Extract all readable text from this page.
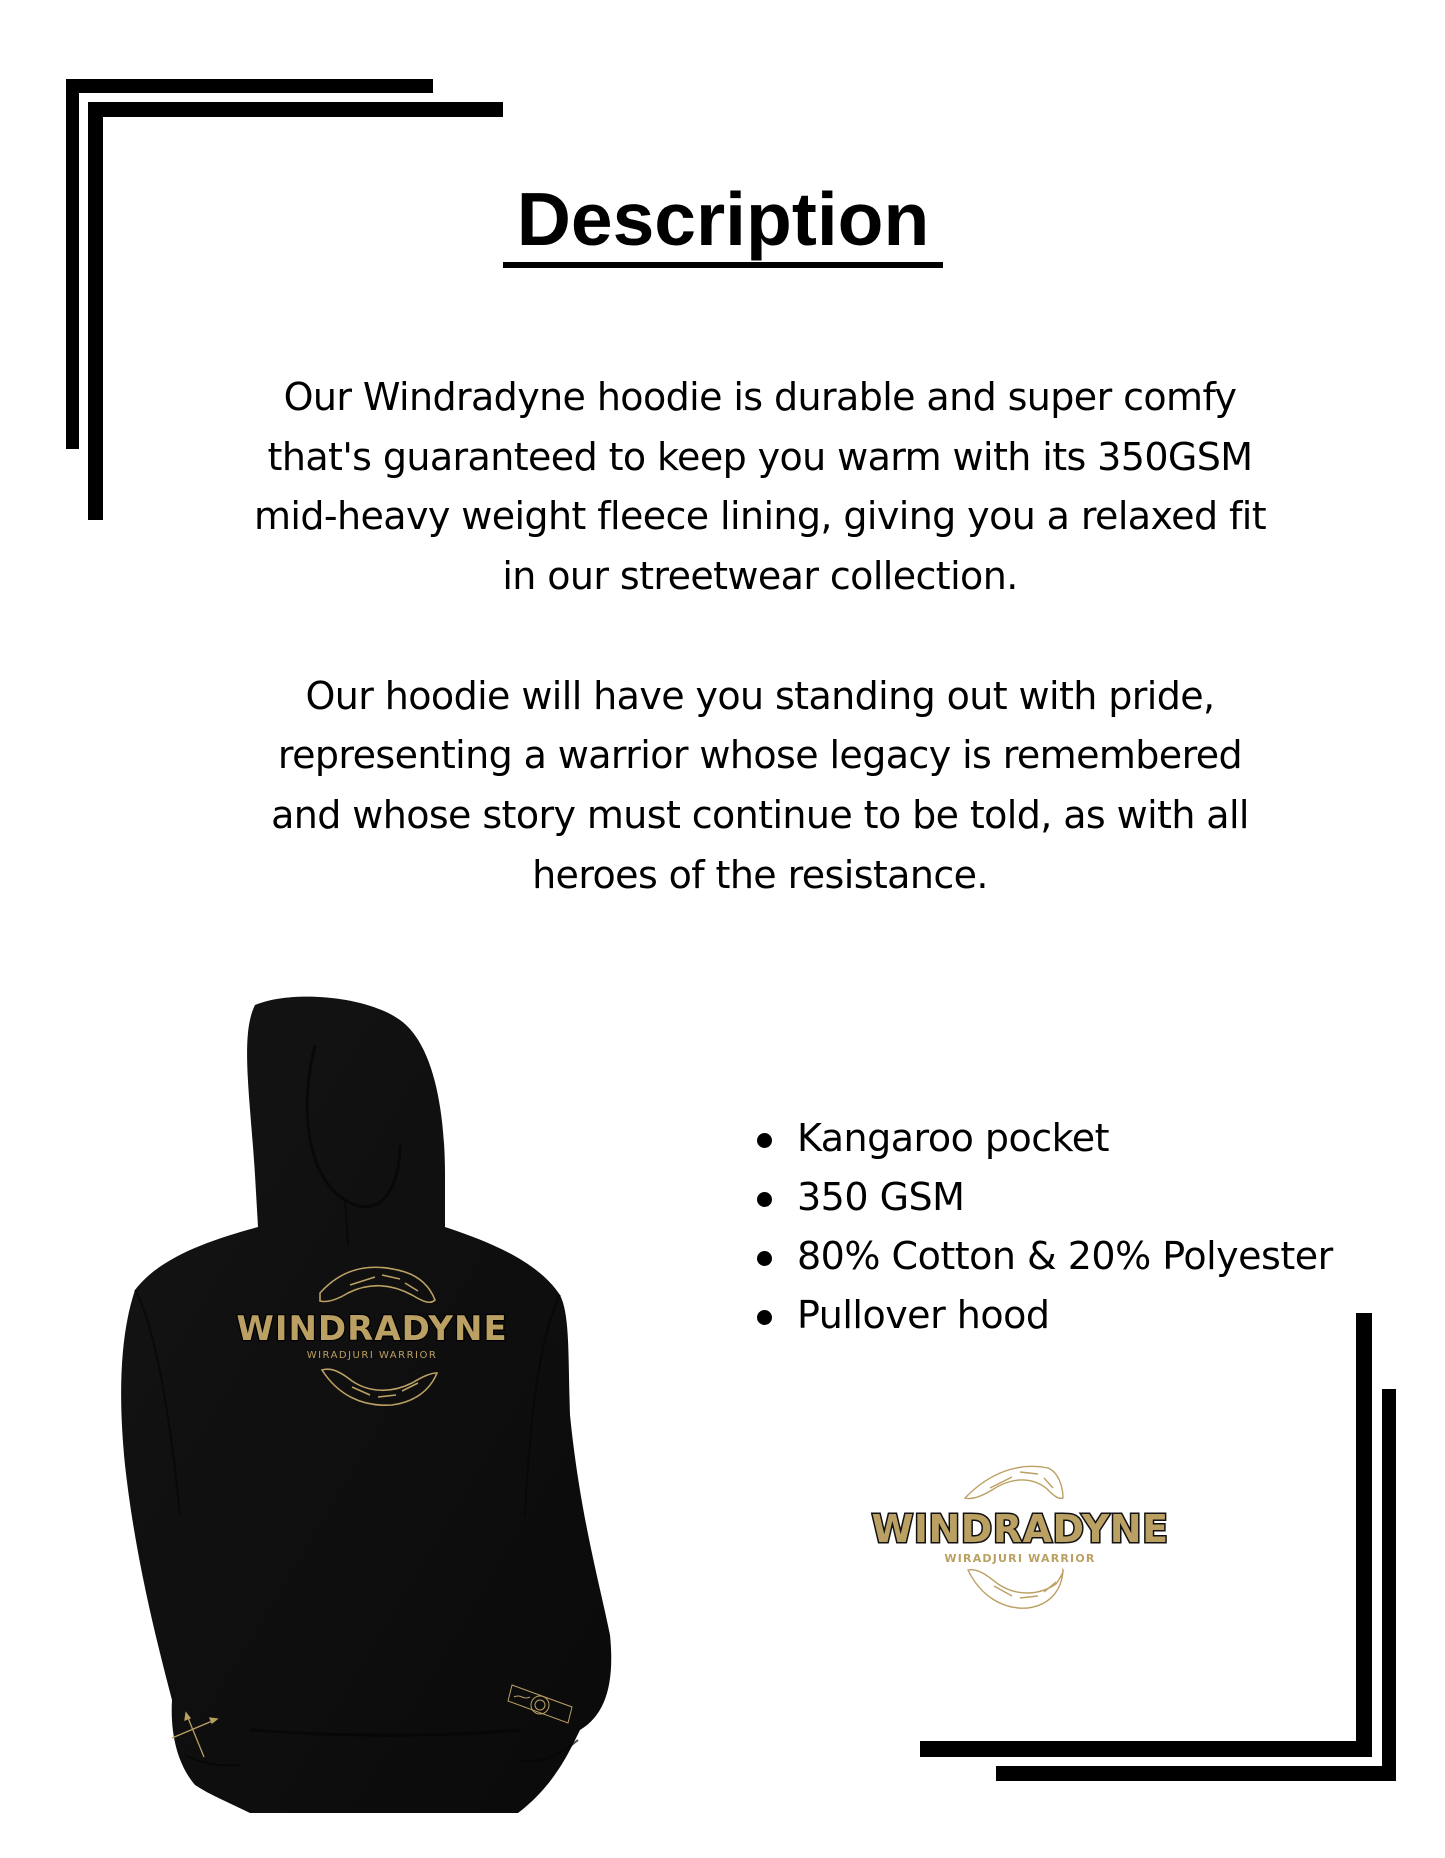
Description

Our Windradyne hoodie is durable and super comfy
that's guaranteed to keep you warm with its 350GSM
mid-heavy weight fleece lining, giving you a relaxed fit
in our streetwear collection.

Our hoodie will have you standing out with pride,
representing a warrior whose legacy is remembered
and whose story must continue to be told, as with all
heroes of the resistance.

WINDRADYNE
WIRADJURI WARRIOR
Kangaroo pocket
350 GSM
80% Cotton & 20% Polyester
Pullover hood
WINDRADYNE
WIRADJURI WARRIOR
